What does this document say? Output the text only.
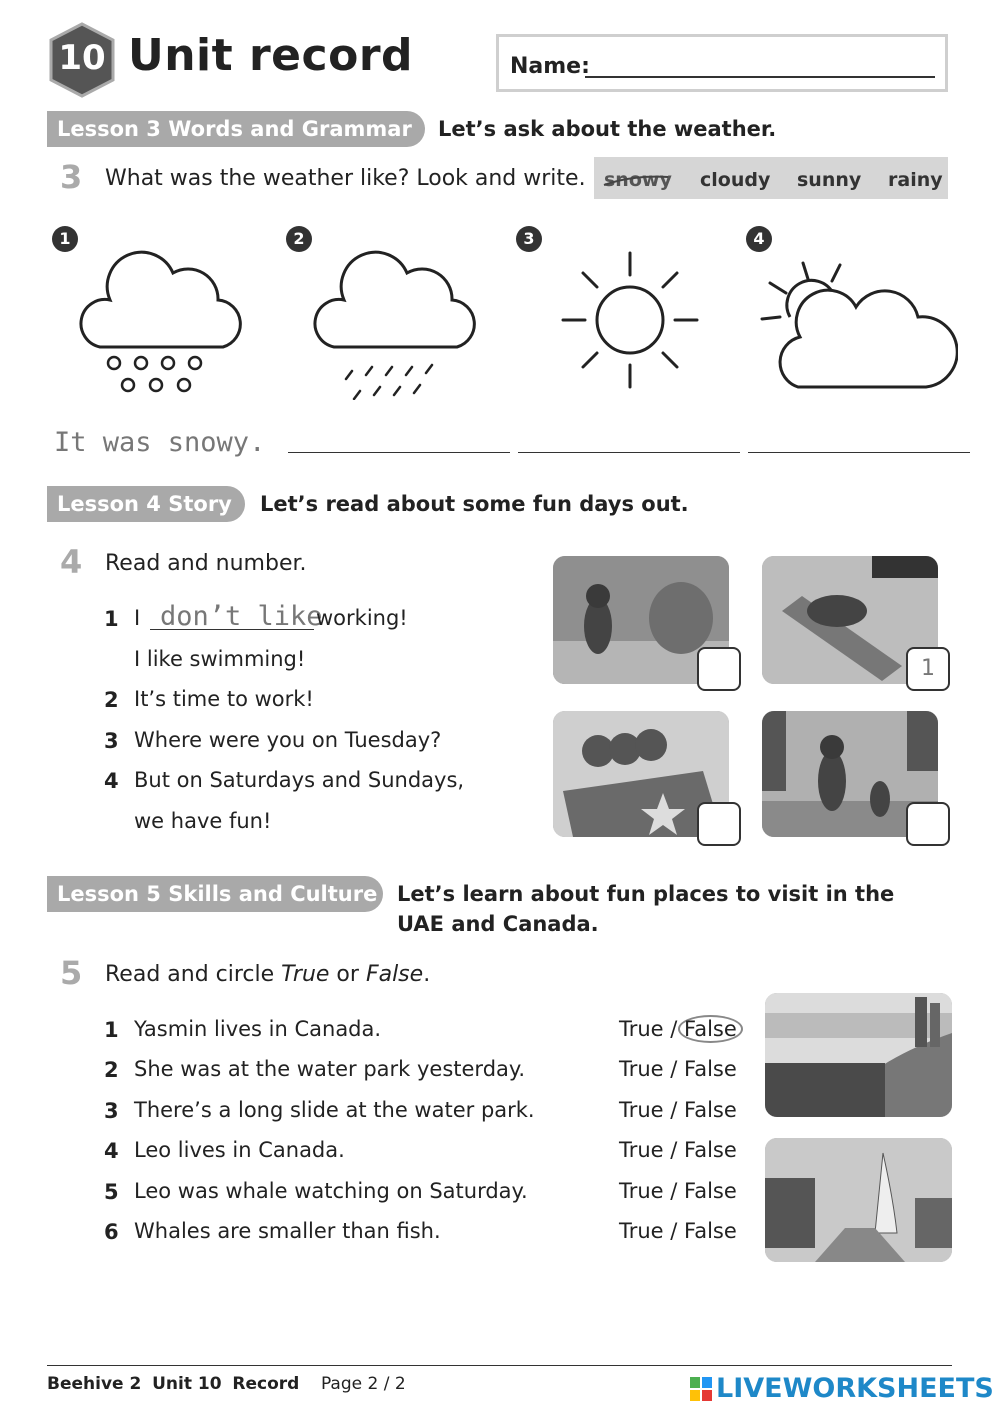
10 Unit record	Name:
Lesson 3 Words and Grammar	Let’s ask about the weather.
3 What was the weather like? Look and write. snowy cloudy sunny rainy
1	2	3	4
It was snowy.
Lesson 4 Story	Let’s read about some fun days out.
4 Read and number.
1 I don’t like
working!
I like swimming!
2 It’s time to work!
3 Where were you on Tuesday?
4 But on Saturdays and Sundays,
we have fun!
1
Lesson 5 Skills and Culture Let’s learn about fun places to visit in the
UAE and Canada.
5 Read and circle True or False.
1 Yasmin lives in Canada.	True / False
2 She was at the water park yesterday.	True / False
3 There’s a long slide at the water park.	True / False
4 Leo lives in Canada.	True / False
5 Leo was whale watching on Saturday.	True / False
6 Whales are smaller than fish.	True / False
Beehive 2 Unit 10 Record Page 2 / 2	LIVEWORKSHEETS
